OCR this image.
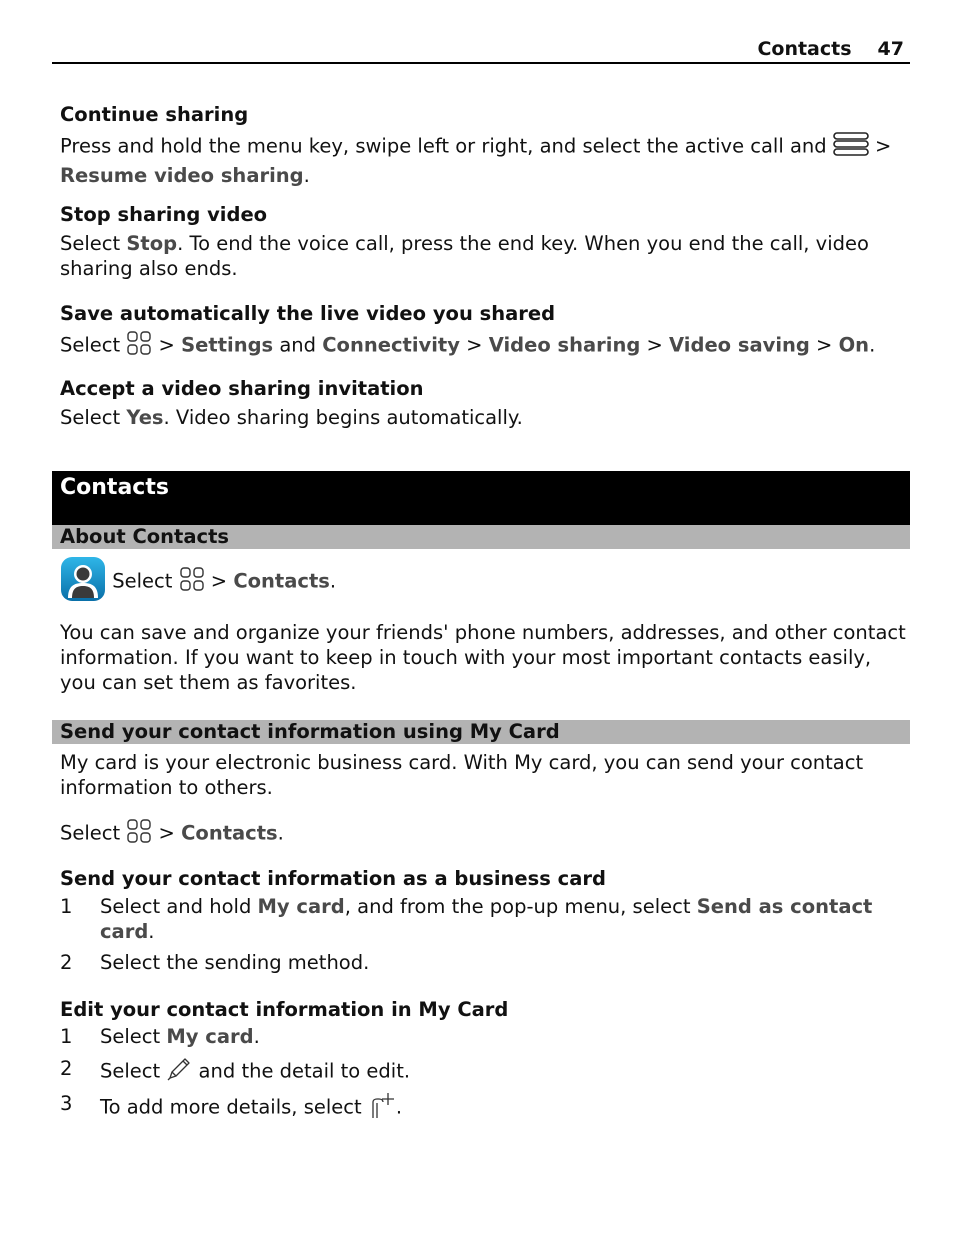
Contacts 47
Continue sharing
Press and hold the menu key, swipe left or right, and select the active call and  >
Resume video sharing.
Stop sharing video
Select Stop. To end the voice call, press the end key. When you end the call, video sharing also ends.
Save automatically the live video you shared
Select  > Settings and Connectivity > Video sharing > Video saving > On.
Accept a video sharing invitation
Select Yes. Video sharing begins automatically.
Contacts
About Contacts
Select  > Contacts.
You can save and organize your friends' phone numbers, addresses, and other contact information. If you want to keep in touch with your most important contacts easily, you can set them as favorites.
Send your contact information using My Card
My card is your electronic business card. With My card, you can send your contact information to others.
Select  > Contacts.
Send your contact information as a business card
1	Select and hold My card, and from the pop-up menu, select Send as contact card.
2	Select the sending method.
Edit your contact information in My Card
1	Select My card.
2	Select  and the detail to edit.
3	To add more details, select .
